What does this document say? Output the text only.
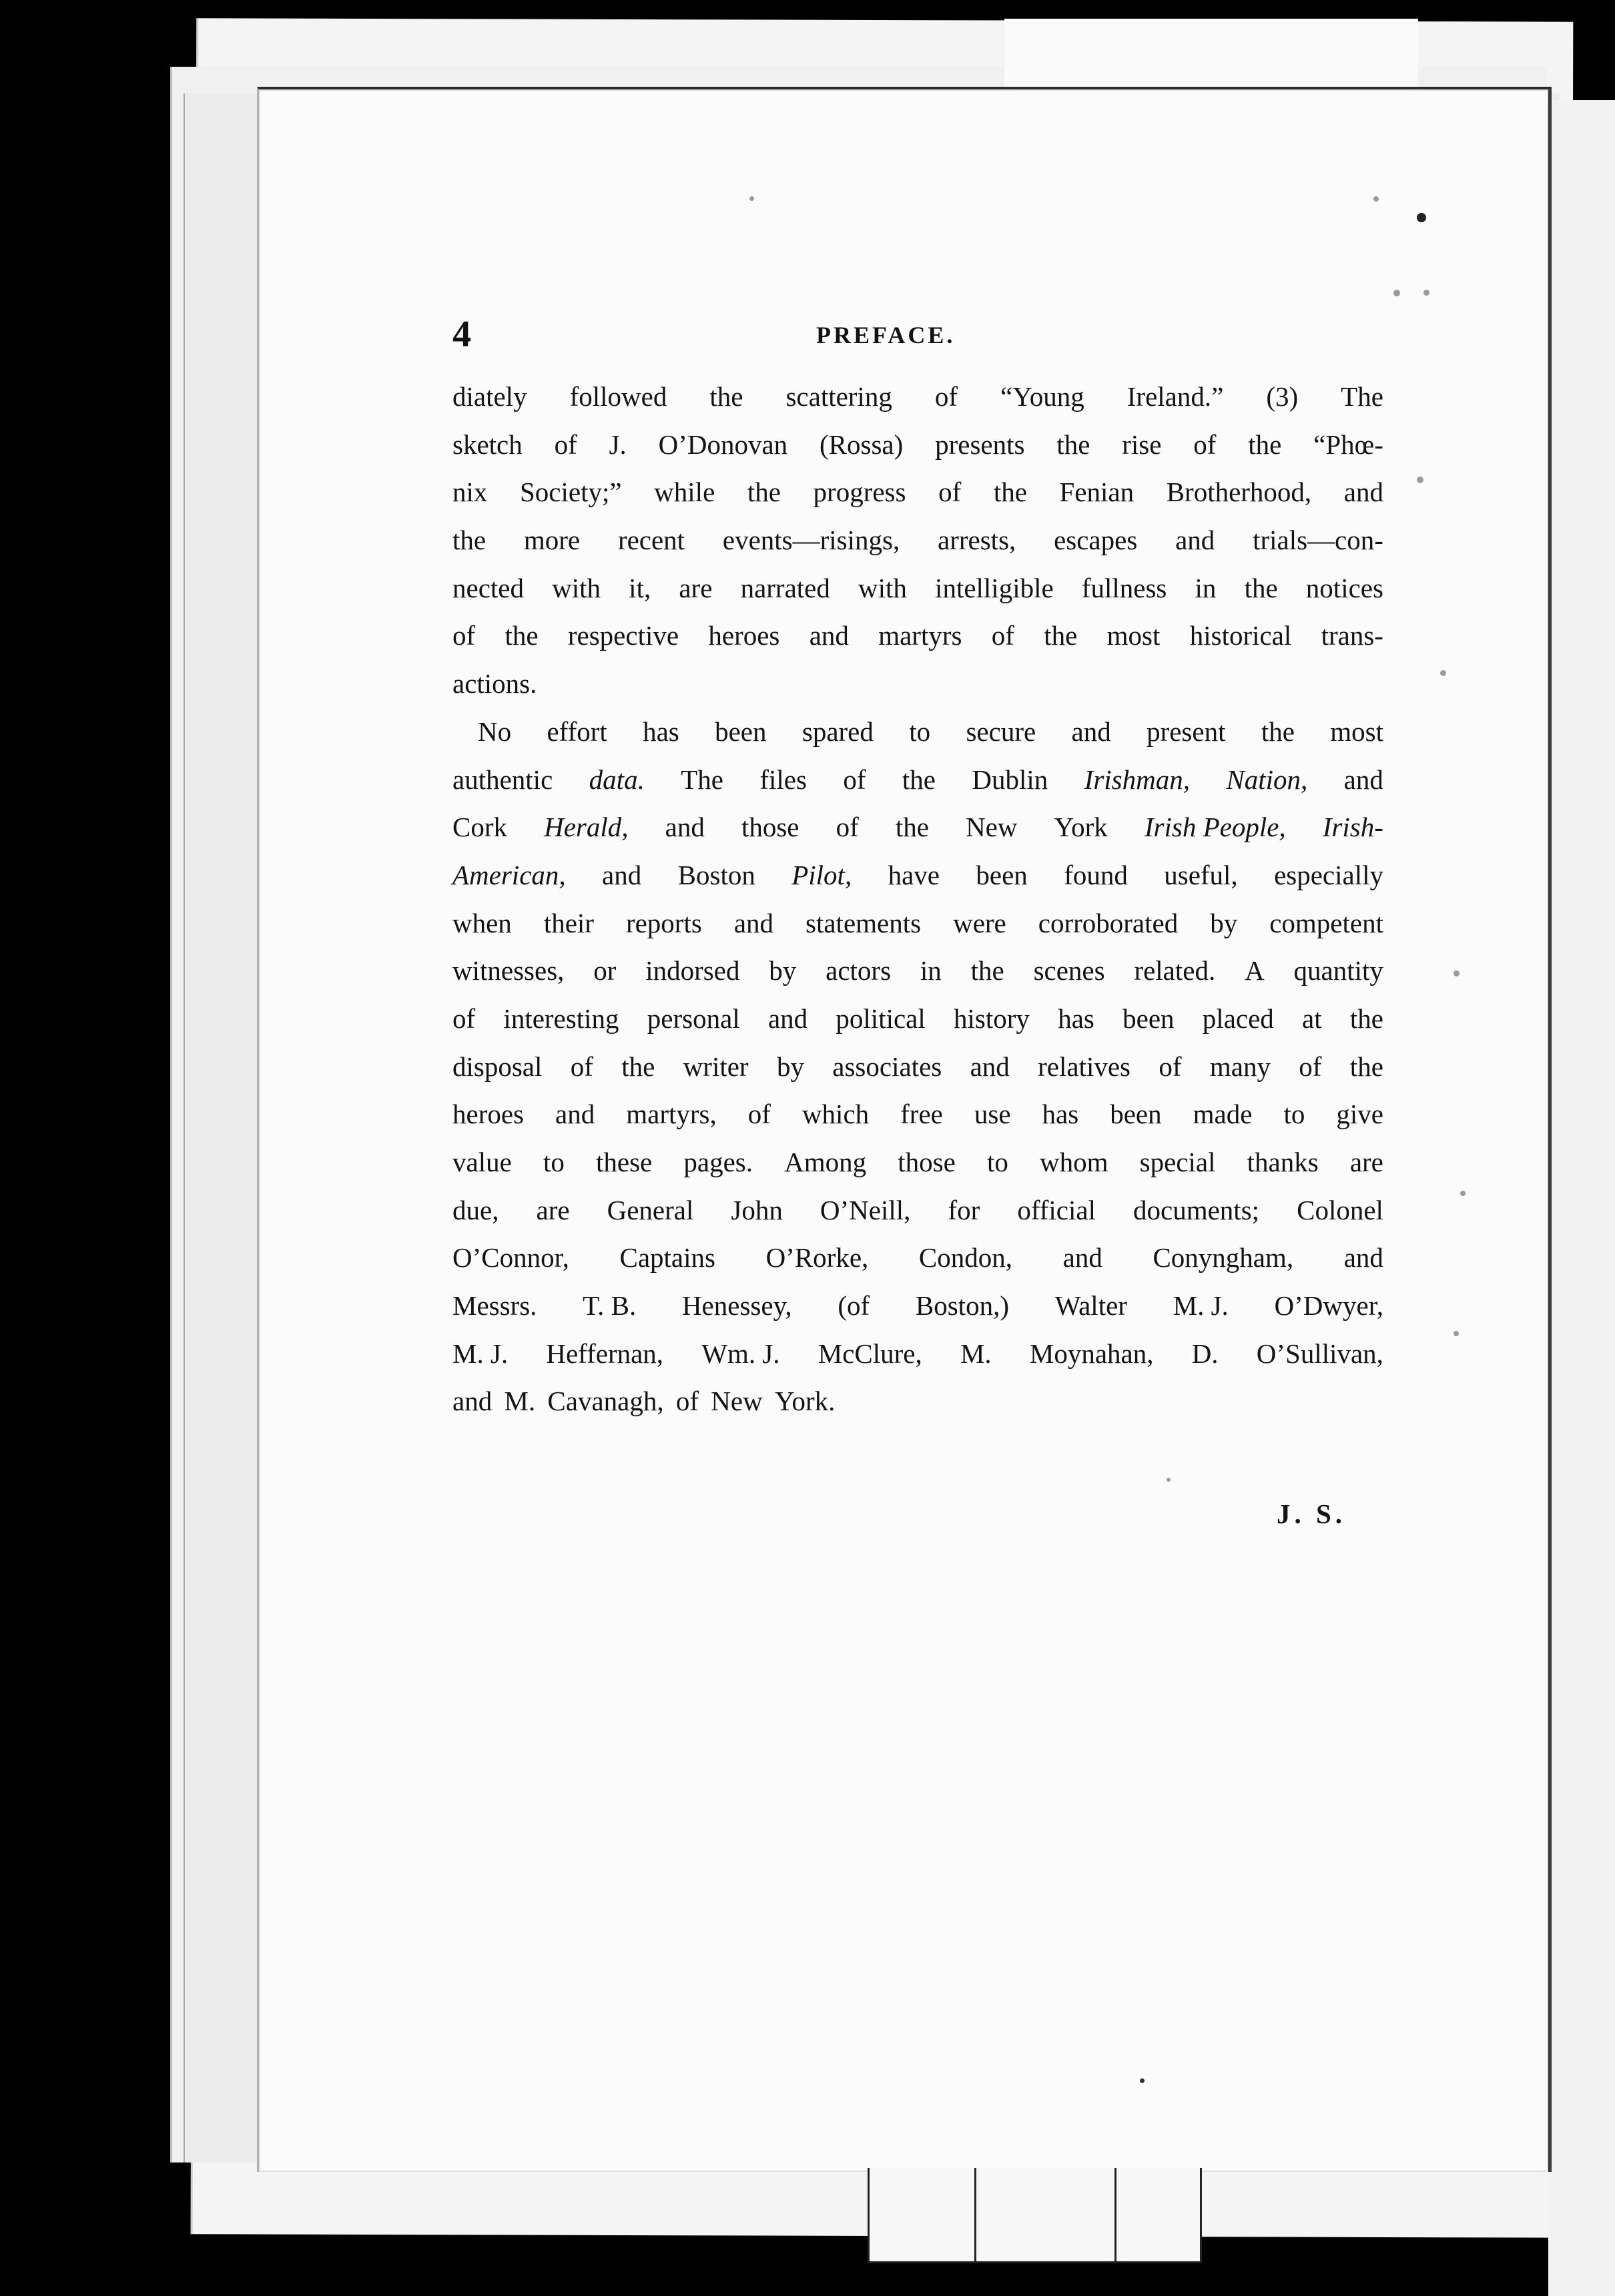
4	PREFACE.
diately followed the scattering of “Young Ireland.” (3) The
sketch of J. O’Donovan (Rossa) presents the rise of the “Phœ-
nix Society;” while the progress of the Fenian Brotherhood, and
the more recent events—risings, arrests, escapes and trials—con-
nected with it, are narrated with intelligible fullness in the notices
of the respective heroes and martyrs of the most historical trans-
actions.
No effort has been spared to secure and present the most
authentic data. The files of the Dublin Irishman, Nation, and
Cork Herald, and those of the New York Irish People, Irish-
American, and Boston Pilot, have been found useful, especially
when their reports and statements were corroborated by competent
witnesses, or indorsed by actors in the scenes related. A quantity
of interesting personal and political history has been placed at the
disposal of the writer by associates and relatives of many of the
heroes and martyrs, of which free use has been made to give
value to these pages. Among those to whom special thanks are
due, are General John O’Neill, for official documents; Colonel
O’Connor, Captains O’Rorke, Condon, and Conyngham, and
Messrs. T. B. Henessey, (of Boston,) Walter M. J. O’Dwyer,
M. J. Heffernan, Wm. J. McClure, M. Moynahan, D. O’Sullivan,
and
M.
Cavanagh,
of
New
York.
J. S.
